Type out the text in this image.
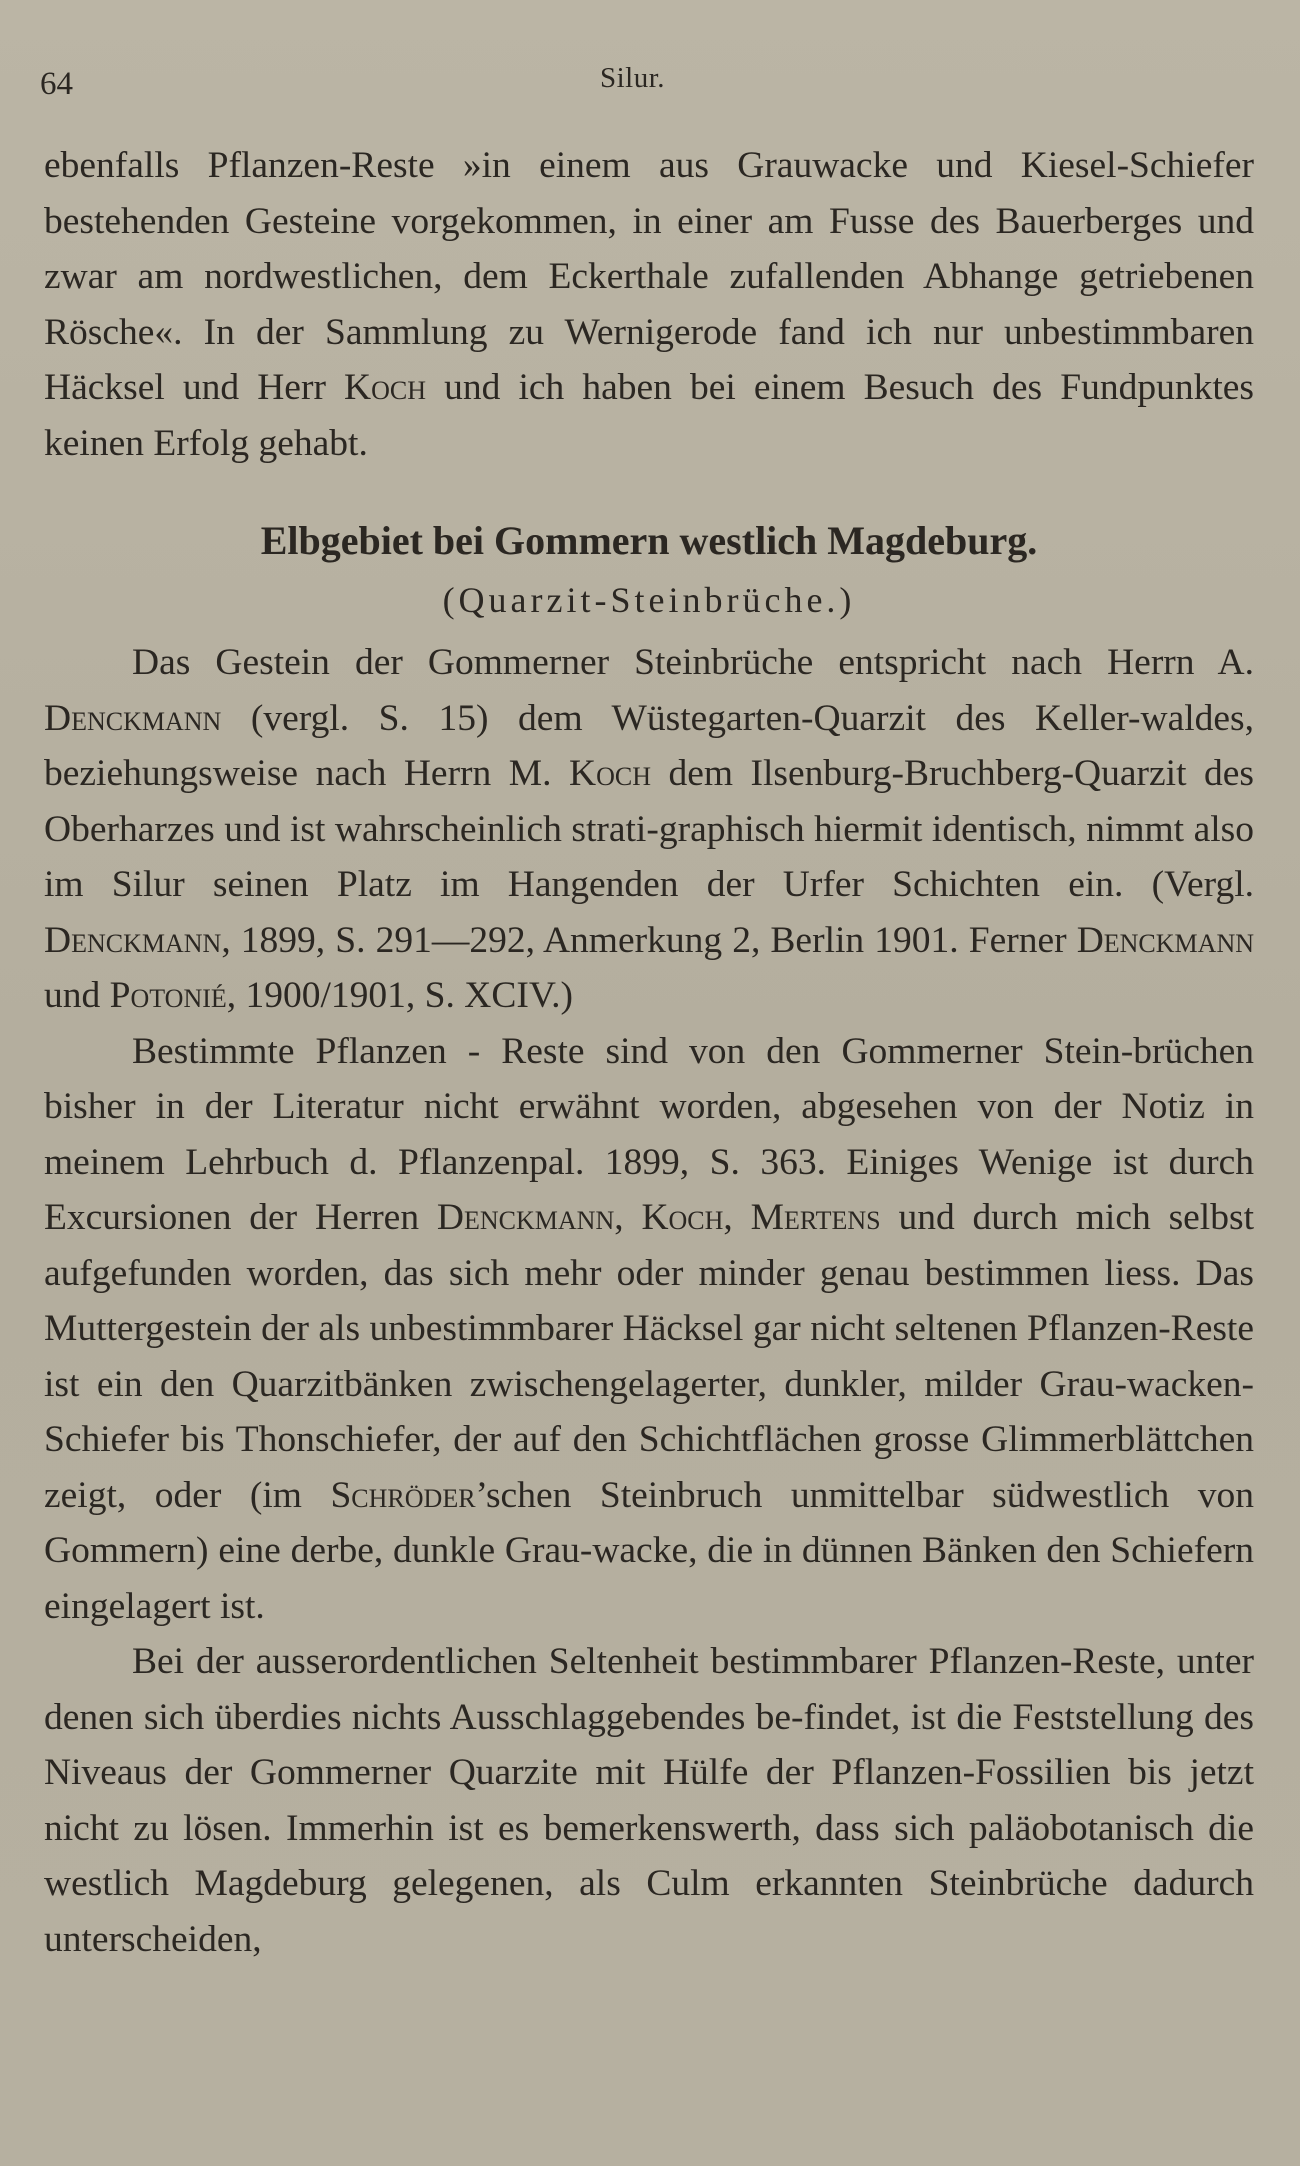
64	Silur.

ebenfalls Pflanzen-Reste »in einem aus Grauwacke und Kiesel-Schiefer bestehenden Gesteine vorgekommen, in einer am Fusse des Bauerberges und zwar am nordwestlichen, dem Eckerthale zufallenden Abhange getriebenen Rösche«. In der Sammlung zu Wernigerode fand ich nur unbestimmbaren Häcksel und Herr Koch und ich haben bei einem Besuch des Fundpunktes keinen Erfolg gehabt.

Elbgebiet bei Gommern westlich Magdeburg.
(Quarzit-Steinbrüche.)

Das Gestein der Gommerner Steinbrüche entspricht nach Herrn A. Denckmann (vergl. S. 15) dem Wüstegarten-Quarzit des Keller-waldes, beziehungsweise nach Herrn M. Koch dem Ilsenburg-Bruchberg-Quarzit des Oberharzes und ist wahrscheinlich strati-graphisch hiermit identisch, nimmt also im Silur seinen Platz im Hangenden der Urfer Schichten ein. (Vergl. Denckmann, 1899, S. 291—292, Anmerkung 2, Berlin 1901. Ferner Denckmann und Potonié, 1900/1901, S. XCIV.)

Bestimmte Pflanzen - Reste sind von den Gommerner Stein-brüchen bisher in der Literatur nicht erwähnt worden, abgesehen von der Notiz in meinem Lehrbuch d. Pflanzenpal. 1899, S. 363. Einiges Wenige ist durch Excursionen der Herren Denckmann, Koch, Mertens und durch mich selbst aufgefunden worden, das sich mehr oder minder genau bestimmen liess. Das Muttergestein der als unbestimmbarer Häcksel gar nicht seltenen Pflanzen-Reste ist ein den Quarzitbänken zwischengelagerter, dunkler, milder Grau-wacken-Schiefer bis Thonschiefer, der auf den Schichtflächen grosse Glimmerblättchen zeigt, oder (im Schröder’schen Steinbruch unmittelbar südwestlich von Gommern) eine derbe, dunkle Grau-wacke, die in dünnen Bänken den Schiefern eingelagert ist.

Bei der ausserordentlichen Seltenheit bestimmbarer Pflanzen-Reste, unter denen sich überdies nichts Ausschlaggebendes be-findet, ist die Feststellung des Niveaus der Gommerner Quarzite mit Hülfe der Pflanzen-Fossilien bis jetzt nicht zu lösen. Immerhin ist es bemerkenswerth, dass sich paläobotanisch die westlich Magdeburg gelegenen, als Culm erkannten Steinbrüche dadurch unterscheiden,
